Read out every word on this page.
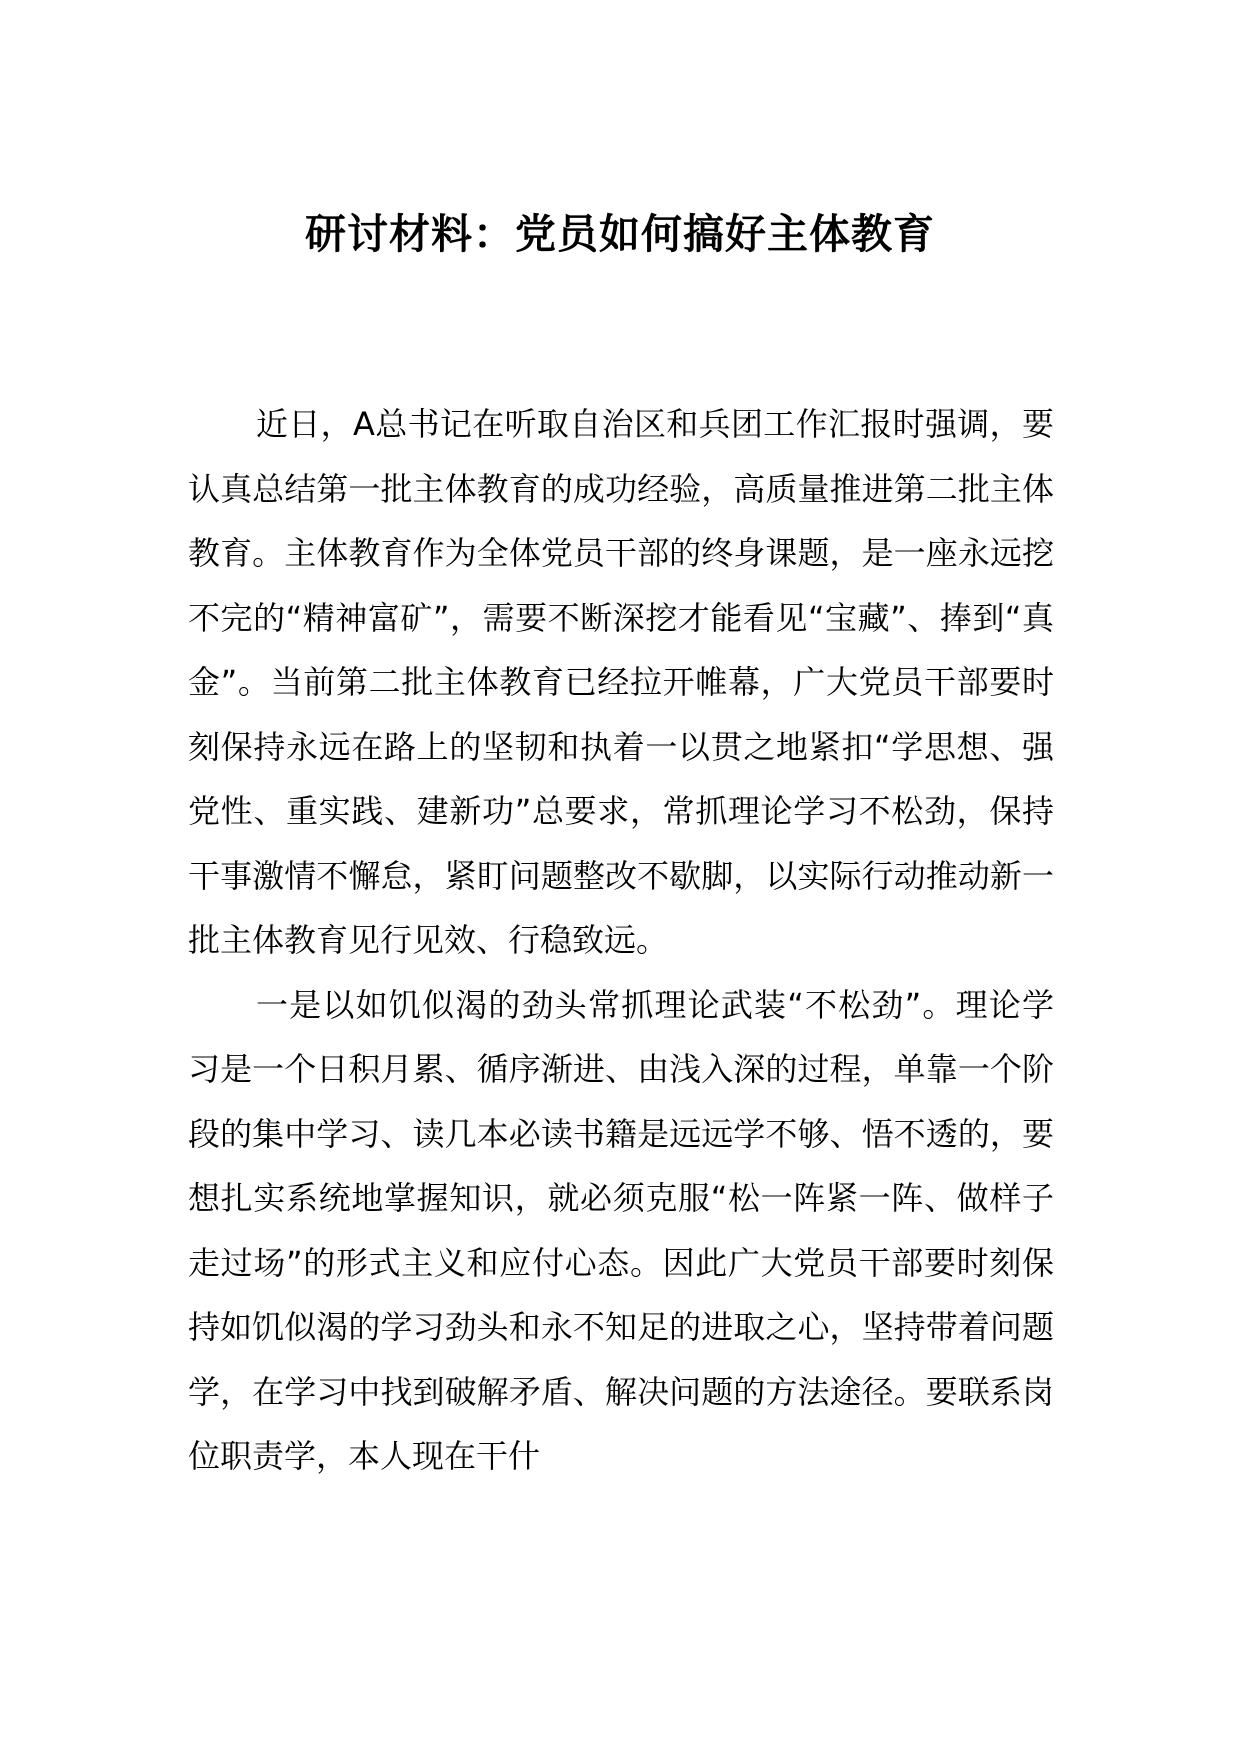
研讨材料：党员如何搞好主体教育

近日，A总书记在听取自治区和兵团工作汇报时强调，要认真总结第一批主体教育的成功经验，高质量推进第二批主体教育。主体教育作为全体党员干部的终身课题，是一座永远挖不完的“精神富矿”，需要不断深挖才能看见“宝藏”、捧到“真金”。当前第二批主体教育已经拉开帷幕，广大党员干部要时刻保持永远在路上的坚韧和执着一以贯之地紧扣“学思想、强党性、重实践、建新功”总要求，常抓理论学习不松劲，保持干事激情不懈怠，紧盯问题整改不歇脚，以实际行动推动新一批主体教育见行见效、行稳致远。

一是以如饥似渴的劲头常抓理论武装“不松劲”。理论学习是一个日积月累、循序渐进、由浅入深的过程，单靠一个阶段的集中学习、读几本必读书籍是远远学不够、悟不透的，要想扎实系统地掌握知识，就必须克服“松一阵紧一阵、做样子走过场”的形式主义和应付心态。因此广大党员干部要时刻保持如饥似渴的学习劲头和永不知足的进取之心，坚持带着问题学，在学习中找到破解矛盾、解决问题的方法途径。要联系岗位职责学，本人现在干什
